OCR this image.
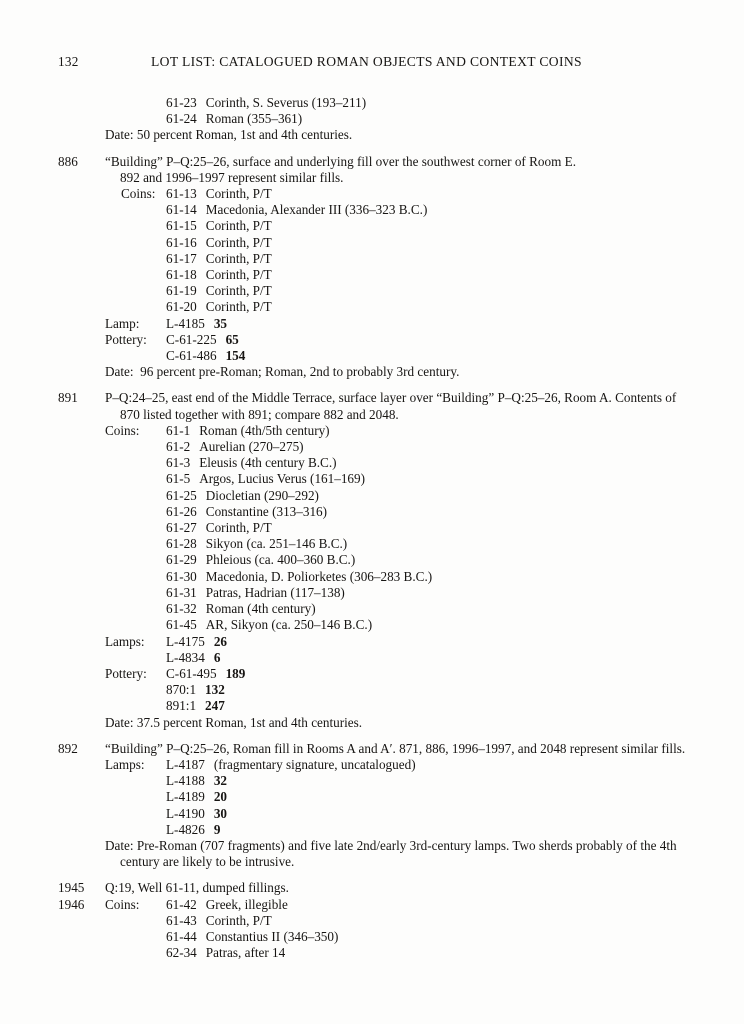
132	LOT LIST: CATALOGUED ROMAN OBJECTS AND CONTEXT COINS
61-23 Corinth, S. Severus (193–211)
61-24 Roman (355–361)
Date: 50 percent Roman, 1st and 4th centuries.
886	“Building” P–Q:25–26, surface and underlying fill over the southwest corner of Room E.
892 and 1996–1997 represent similar fills.
Coins: 61-13 Corinth, P/T
61-14 Macedonia, Alexander III (336–323 B.C.)
61-15 Corinth, P/T
61-16 Corinth, P/T
61-17 Corinth, P/T
61-18 Corinth, P/T
61-19 Corinth, P/T
61-20 Corinth, P/T
Lamp: L-4185 35
Pottery: C-61-225 65
C-61-486 154
Date: 96 percent pre-Roman; Roman, 2nd to probably 3rd century.
891	P–Q:24–25, east end of the Middle Terrace, surface layer over “Building” P–Q:25–26, Room A. Contents of
870 listed together with 891; compare 882 and 2048.
Coins: 61-1 Roman (4th/5th century)
61-2 Aurelian (270–275)
61-3 Eleusis (4th century B.C.)
61-5 Argos, Lucius Verus (161–169)
61-25 Diocletian (290–292)
61-26 Constantine (313–316)
61-27 Corinth, P/T
61-28 Sikyon (ca. 251–146 B.C.)
61-29 Phleious (ca. 400–360 B.C.)
61-30 Macedonia, D. Poliorketes (306–283 B.C.)
61-31 Patras, Hadrian (117–138)
61-32 Roman (4th century)
61-45 AR, Sikyon (ca. 250–146 B.C.)
Lamps: L-4175 26
L-4834 6
Pottery: C-61-495 189
870:1 132
891:1 247
Date: 37.5 percent Roman, 1st and 4th centuries.
892	“Building” P–Q:25–26, Roman fill in Rooms A and A′. 871, 886, 1996–1997, and 2048 represent similar fills.
Lamps: L-4187 (fragmentary signature, uncatalogued)
L-4188 32
L-4189 20
L-4190 30
L-4826 9
Date: Pre-Roman (707 fragments) and five late 2nd/early 3rd-century lamps. Two sherds probably of the 4th
century are likely to be intrusive.
1945	Q:19, Well 61-11, dumped fillings.
1946 Coins: 61-42 Greek, illegible
61-43 Corinth, P/T
61-44 Constantius II (346–350)
62-34 Patras, after 14
